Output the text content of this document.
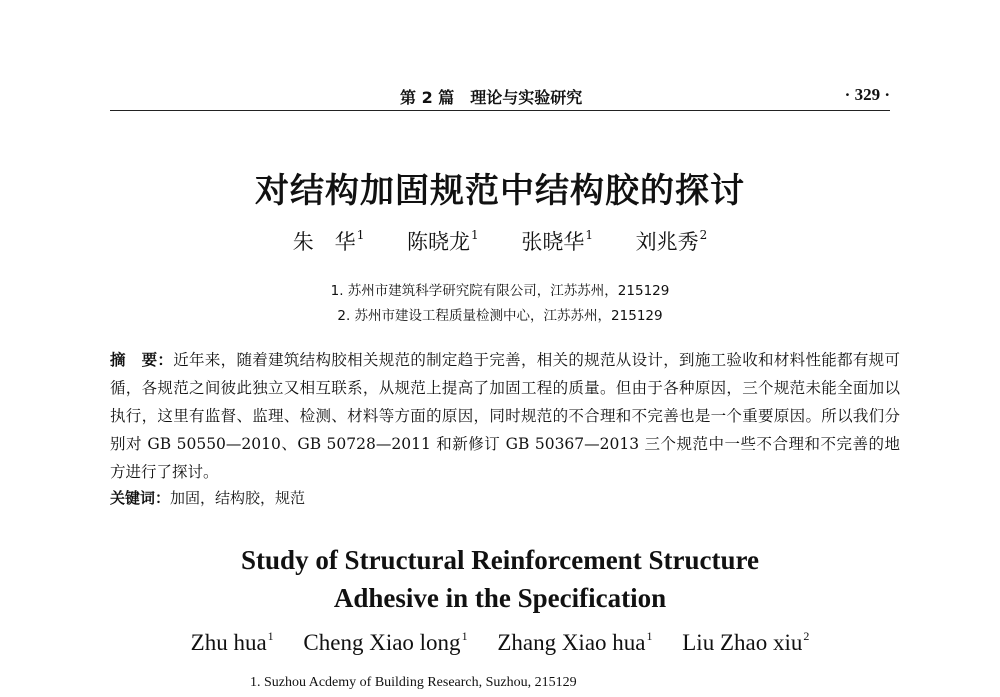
第 2 篇　理论与实验研究	· 329 ·
对结构加固规范中结构胶的探讨
朱　华$^1$ 陈晓龙$^1$ 张晓华$^1$ 刘兆秀$^2$
1. 苏州市建筑科学研究院有限公司，江苏苏州，215129
2. 苏州市建设工程质量检测中心，江苏苏州，215129
摘　要：近年来，随着建筑结构胶相关规范的制定趋于完善，相关的规范从设计，到施工验收和材料性能都有规可循，各规范之间彼此独立又相互联系，从规范上提高了加固工程的质量。但由于各种原因，三个规范未能全面加以执行，这里有监督、监理、检测、材料等方面的原因，同时规范的不合理和不完善也是一个重要原因。所以我们分别对 GB 50550—2010、GB 50728—2011 和新修订 GB 50367—2013 三个规范中一些不合理和不完善的地方进行了探讨。
关键词：加固，结构胶，规范
Study of Structural Reinforcement Structure
Adhesive in the Specification
Zhu hua$^1$ Cheng Xiao long$^1$ Zhang Xiao hua$^1$ Liu Zhao xiu$^2$
1. Suzhou Acdemy of Building Research, Suzhou, 215129
